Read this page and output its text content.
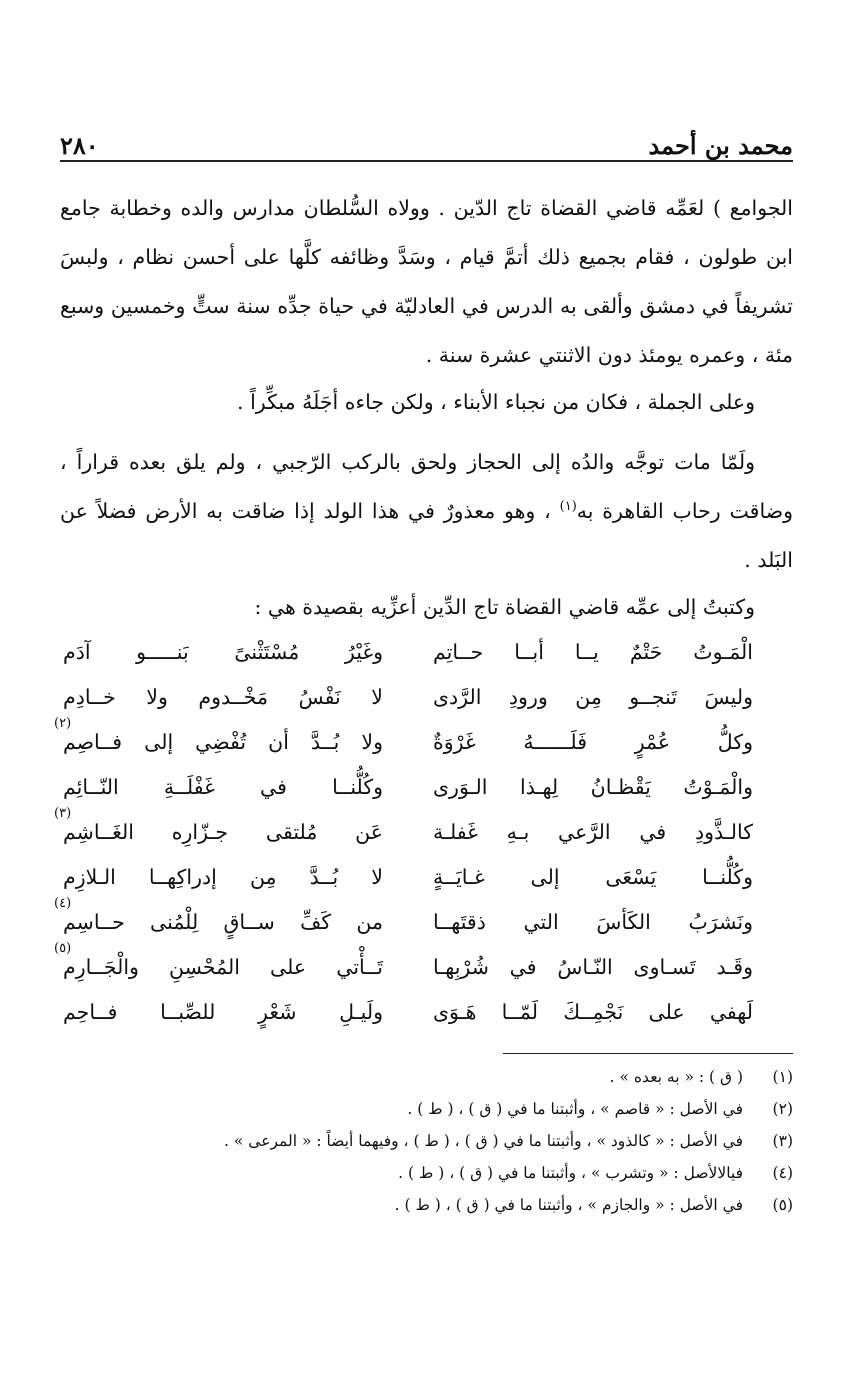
محمد بن أحمد
٢٨٠

الجوامع ) لعَمِّه قاضي القضاة تاج الدّين . وولاه السُّلطان مدارس والده وخطابة جامع ابن طولون ، فقام بجميع ذلك أتمَّ قيام ، وسَدَّ وظائفه كلَّها على أحسن نظام ، ولبسَ تشريفاً في دمشق وألقى به الدرس في العادليّة في حياة جدِّه سنة ستٍّ وخمسين وسبع مئة ، وعمره يومئذ دون الاثنتي عشرة سنة .

وعلى الجملة ، فكان من نجباء الأبناء ، ولكن جاءه أجَلَهُ مبكِّراً .

ولَمّا مات توجَّه والدُه إلى الحجاز ولحق بالركب الرّجبي ، ولم يلق بعده قراراً ، وضاقت رحاب القاهرة به$^{(١)}$ ، وهو معذورٌ في هذا الولد إذا ضاقت به الأرض فضلاً عن البَلد .

وكتبتُ إلى عمِّه قاضي القضاة تاج الدِّين أعزِّيه بقصيدة هي :

الْمَـوتُ حَتْمٌ يــا أبــا حــاتِم
وغَيْرُ مُسْتَثْنىً بَنـــــو آدَم
وليسَ تَنجــو مِن ورودِ الرَّدى
لا نَفْسُ مَخْــدوم ولا خــادِم
وكلُّ عُمْرٍ فَلَــــــهُ غَرْوَةٌ
ولا بُــدَّ أن تُفْضِي إلى فــاصِم
(٢)
والْمَـوْتُ يَقْظـانُ لِهـذا الـوَرى
وكُلُّنــا في غَفْلَــةِ النّــائِم
كالـذَّودِ في الرَّعي بـهِ غَفلـة
عَن مُلتقى جـزّارِه الغَــاشِم
(٣)
وكُلُّنــا يَسْعَى إلى غـايَــةٍ
لا بُــدَّ مِن إدراكِهــا الـلازِم
ونَشرَبُ الكَأسَ التي ذقتَهــا
من كَفِّ ســاقٍ لِلْمُنى حــاسِم
(٤)
وقَـد تَسـاوى النّـاسُ في شُرْبِهـا
تَــأْتي على المُحْسِنِ والْجَــارِم
(٥)
لَهفي على نَجْمِــكَ لَمّــا هَـوَى
ولَيـلِ شَعْرٍ للصِّبــا فــاحِم
(١)
( ق ) : « به بعده » .
(٢)
في الأصل : « قاصم » ، وأثبتنا ما في ( ق ) ، ( ط ) .
(٣)
في الأصل : « كالذود » ، وأثبتنا ما في ( ق ) ، ( ط ) ، وفيهما أيضاً : « المرعى » .
(٤)
فيالالأصل : « وتشرب » ، وأثبتنا ما في ( ق ) ، ( ط ) .
(٥)
في الأصل : « والجازم » ، وأثبتنا ما في ( ق ) ، ( ط ) .
